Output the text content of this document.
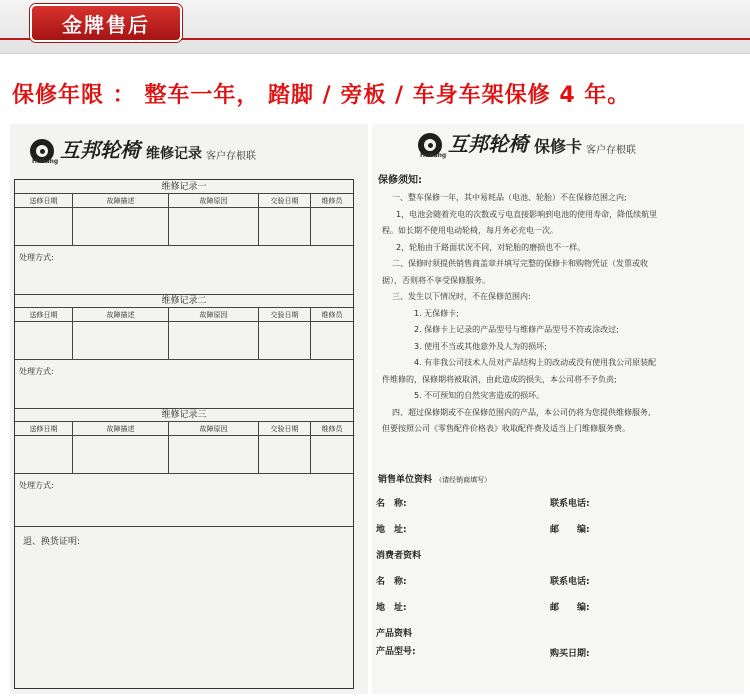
金牌售后
保修年限 ： 整车一年， 踏脚 / 旁板 / 车身车架保修 4 年。
互邦轮椅 维修记录 客户存根联
Hubang
维修记录一
送修日期	故障描述	故障原因	交验日期	维修员
处理方式:
维修记录二
送修日期	故障描述	故障原因	交验日期	维修员
处理方式:
维修记录三
送修日期	故障描述	故障原因	交验日期	维修员
处理方式:
退、换货证明:
互邦轮椅 保修卡 客户存根联
Hubang
保修须知:

一、整车保修一年，其中易耗品（电池、轮胎）不在保修范围之内;

1，电池会随着充电的次数或亏电直接影响到电池的使用寿命，降低续航里

程。如长期不使用电动轮椅，每月务必充电一次。

2，轮胎由于路面状况不同，对轮胎的磨损也不一样。

二、保修时须提供销售商盖章并填写完整的保修卡和购物凭证（发票或收

据），否则将不享受保修服务。

三、发生以下情况时，不在保修范围内:

1. 无保修卡;

2. 保修卡上记录的产品型号与维修产品型号不符或涂改过;

3. 使用不当或其他意外及人为的损坏;

4. 有非我公司技术人员对产品结构上的改动或没有使用我公司原装配

件维修的，保修期将被取消，由此造成的损失，本公司将不予负责;

5. 不可预知的自然灾害造成的损坏。

四、超过保修期或不在保修范围内的产品，本公司仍将为您提供维修服务,

但要按照公司《零售配件价格表》收取配件费及适当上门维修服务费。

销售单位资料 （请经销商填写）
名　称:	联系电话:
地　址:	邮　　编:
消费者资料
名　称:	联系电话:
地　址:	邮　　编:
产品资料
产品型号:	购买日期:
